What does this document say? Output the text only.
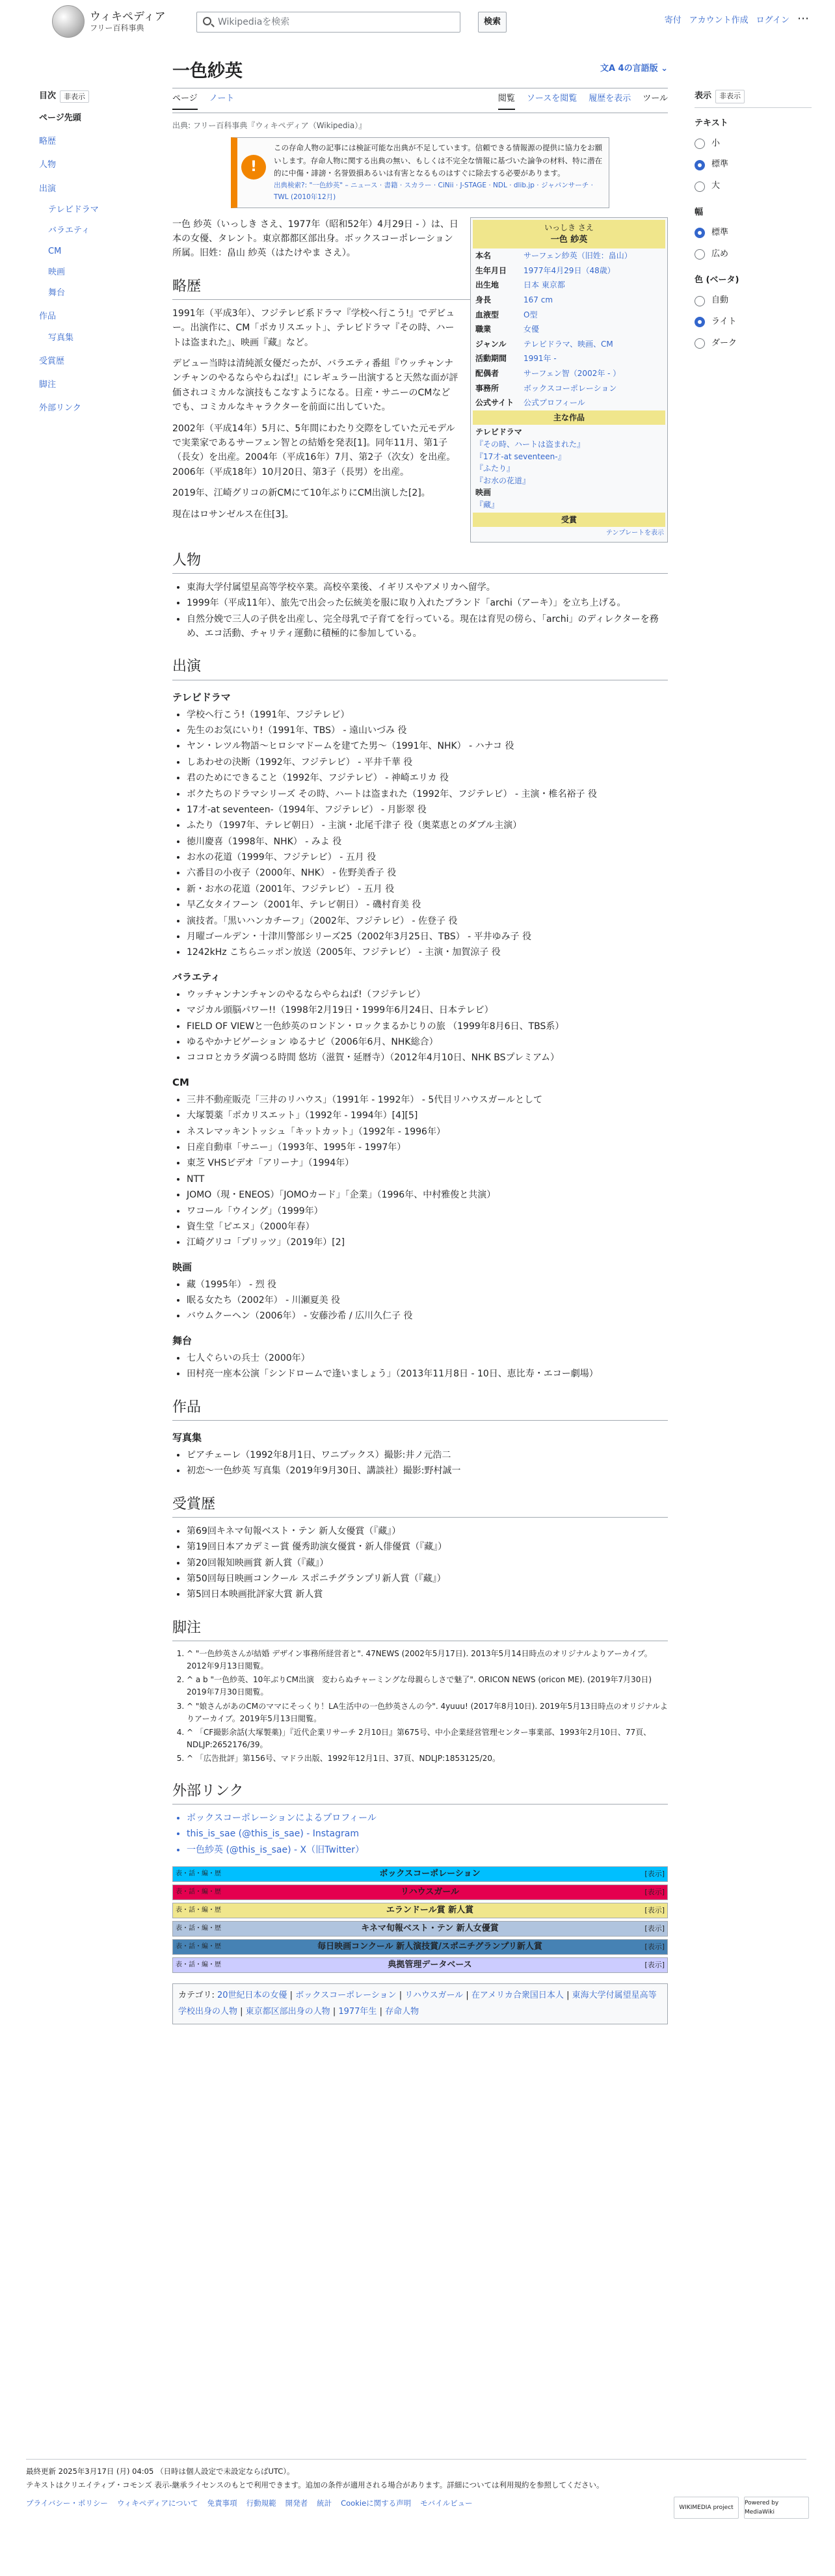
ウィキペディア
フリー百科事典
Wikipediaを検索	検索	寄付 アカウント作成 ログイン ⋯
目次	非表示
ページ先頭
略歴
人物
出演
テレビドラマ
バラエティ
CM
映画
舞台
作品
写真集
受賞歴
脚注
外部リンク
表示	非表示
テキスト
小
標準
大
幅
標準
広め
色 (ベータ)
自動
ライト
ダーク
一色紗英	文A 4の言語版 ⌄
ページ ノート	閲覧 ソースを閲覧 履歴を表示 ツール
出典: フリー百科事典『ウィキペディア（Wikipedia）』
!
この存命人物の記事には検証可能な出典が不足しています。信頼できる情報源の提供に協力をお願いします。存命人物に関する出典の無い、もしくは不完全な情報に基づいた論争の材料、特に潜在的に中傷・誹謗・名誉毀損あるいは有害となるものはすぐに除去する必要があります。
出典検索?: "一色紗英" – ニュース · 書籍 · スカラー · CiNii · J-STAGE · NDL · dlib.jp · ジャパンサーチ · TWL (2010年12月)
いっしき さえ
一色 紗英
本名	サーフェン紗英（旧姓：畠山）
生年月日	1977年4月29日（48歳）
出生地	日本 東京都
身長	167 cm
血液型	O型
職業	女優
ジャンル	テレビドラマ、映画、CM
活動期間	1991年 -
配偶者	サーフェン智（2002年 - ）
事務所	ボックスコーポレーション
公式サイト	公式プロフィール
主な作品
テレビドラマ
『その時、ハートは盗まれた』
『17才-at seventeen-』
『ふたり』
『お水の花道』
映画
『藏』
受賞
テンプレートを表示

一色 紗英（いっしき さえ、1977年（昭和52年）4月29日 - ）は、日本の女優、タレント。東京都都区部出身。ボックスコーポレーション所属。旧姓：畠山 紗英（はたけやま さえ）。

略歴

1991年（平成3年）、フジテレビ系ドラマ『学校へ行こう!』でデビュー。出演作に、CM「ポカリスエット」、テレビドラマ『その時、ハートは盗まれた』、映画『藏』など。

デビュー当時は清純派女優だったが、バラエティ番組『ウッチャンナンチャンのやるならやらねば!』にレギュラー出演すると天然な面が評価されコミカルな演技もこなすようになる。日産・サニーのCMなどでも、コミカルなキャラクターを前面に出していた。

2002年（平成14年）5月に、5年間にわたり交際をしていた元モデルで実業家であるサーフェン智との結婚を発表[1]。同年11月、第1子（長女）を出産。2004年（平成16年）7月、第2子（次女）を出産。2006年（平成18年）10月20日、第3子（長男）を出産。

2019年、江崎グリコの新CMにて10年ぶりにCM出演した[2]。

現在はロサンゼルス在住[3]。

人物
• 東海大学付属望星高等学校卒業。高校卒業後、イギリスやアメリカへ留学。
• 1999年（平成11年）、旅先で出会った伝統美を服に取り入れたブランド「archi（アーキ）」を立ち上げる。
• 自然分娩で三人の子供を出産し、完全母乳で子育てを行っている。現在は育児の傍ら、「archi」のディレクターを務め、エコ活動、チャリティ運動に積極的に参加している。
出演
テレビドラマ
• 学校へ行こう!（1991年、フジテレビ）
• 先生のお気にいり!（1991年、TBS） - 遠山いづみ 役
• ヤン・レツル物語〜ヒロシマドームを建てた男〜（1991年、NHK） - ハナコ 役
• しあわせの決断（1992年、フジテレビ） - 平井千華 役
• 君のためにできること（1992年、フジテレビ） - 神崎エリカ 役
• ボクたちのドラマシリーズ その時、ハートは盗まれた（1992年、フジテレビ） - 主演・椎名裕子 役
• 17才-at seventeen-（1994年、フジテレビ） - 月影翠 役
• ふたり（1997年、テレビ朝日） - 主演・北尾千津子 役（奥菜恵とのダブル主演）
• 徳川慶喜（1998年、NHK） - みよ 役
• お水の花道（1999年、フジテレビ） - 五月 役
• 六番目の小夜子（2000年、NHK） - 佐野美香子 役
• 新・お水の花道（2001年、フジテレビ） - 五月 役
• 早乙女タイフーン（2001年、テレビ朝日） - 磯村育美 役
• 演技者。「黒いハンカチーフ」（2002年、フジテレビ） - 佐登子 役
• 月曜ゴールデン・十津川警部シリーズ25（2002年3月25日、TBS） - 平井ゆみ子 役
• 1242kHz こちらニッポン放送（2005年、フジテレビ） - 主演・加賀涼子 役
バラエティ
• ウッチャンナンチャンのやるならやらねば!（フジテレビ）
• マジカル頭脳パワー!!（1998年2月19日・1999年6月24日、日本テレビ）
• FIELD OF VIEWと一色紗英のロンドン・ロックまるかじりの旅 （1999年8月6日、TBS系）
• ゆるやかナビゲーション ゆるナビ（2006年6月、NHK総合）
• ココロとカラダ満つる時間 悠坊（滋賀・延暦寺）（2012年4月10日、NHK BSプレミアム）
CM
• 三井不動産販売「三井のリハウス」（1991年 - 1992年） - 5代目リハウスガールとして
• 大塚製薬「ポカリスエット」（1992年 - 1994年）[4][5]
• ネスレマッキントッシュ「キットカット」（1992年 - 1996年）
• 日産自動車「サニー」（1993年、1995年 - 1997年）
• 東芝 VHSビデオ「アリーナ」（1994年）
• NTT
• JOMO（現・ENEOS）「JOMOカード」「企業」（1996年、中村雅俊と共演）
• ワコール「ウイング」（1999年）
• 資生堂「ピエヌ」（2000年春）
• 江崎グリコ「プリッツ」（2019年）[2]
映画
• 藏（1995年） - 烈 役
• 眠る女たち（2002年） - 川瀬夏美 役
• バウムクーヘン（2006年） - 安藤沙希 / 広川久仁子 役
舞台
• 七人ぐらいの兵士（2000年）
• 田村亮一座本公演「シンドロームで逢いましょう」（2013年11月8日 - 10日、恵比寿・エコー劇場）
作品
写真集
• ピアチェーレ（1992年8月1日、ワニブックス）撮影:井ノ元浩二
• 初恋〜一色紗英 写真集（2019年9月30日、講談社）撮影:野村誠一
受賞歴
• 第69回キネマ旬報ベスト・テン 新人女優賞（『藏』）
• 第19回日本アカデミー賞 優秀助演女優賞・新人俳優賞（『藏』）
• 第20回報知映画賞 新人賞（『藏』）
• 第50回毎日映画コンクール スポニチグランプリ新人賞（『藏』）
• 第5回日本映画批評家大賞 新人賞
脚注
1. ^ "一色紗英さんが結婚 デザイン事務所経営者と". 47NEWS (2002年5月17日). 2013年5月14日時点のオリジナルよりアーカイブ。2012年9月13日閲覧。
2. ^ a b "一色紗英、10年ぶりCM出演　変わらぬチャーミングな母親らしさで魅了". ORICON NEWS (oricon ME). (2019年7月30日) 2019年7月30日閲覧。
3. ^ "娘さんがあのCMのママにそっくり！LA生活中の一色紗英さんの今". 4yuuu! (2017年8月10日). 2019年5月13日時点のオリジナルよりアーカイブ。2019年5月13日閲覧。
4. ^ 「CF撮影余話(大塚製薬)」『近代企業リサーチ 2月10日』第675号、中小企業経営管理センター事業部、1993年2月10日、77頁、NDLJP:2652176/39。
5. ^ 「広告批評」第156号、マドラ出版、1992年12月1日、37頁、NDLJP:1853125/20。
外部リンク
• ボックスコーポレーションによるプロフィール
• this_is_sae (@this_is_sae) - Instagram
• 一色紗英 (@this_is_sae) - X（旧Twitter）
表・話・編・歴	ボックスコーポレーション	[表示]
表・話・編・歴	リハウスガール	[表示]
表・話・編・歴	エランドール賞 新人賞	[表示]
表・話・編・歴	キネマ旬報ベスト・テン 新人女優賞	[表示]
表・話・編・歴	毎日映画コンクール 新人演技賞/スポニチグランプリ新人賞	[表示]
表・話・編・歴	典拠管理データベース	[表示]
カテゴリ: 20世紀日本の女優 | ボックスコーポレーション | リハウスガール | 在アメリカ合衆国日本人 | 東海大学付属望星高等学校出身の人物 | 東京都区部出身の人物 | 1977年生 | 存命人物
最終更新 2025年3月17日 (月) 04:05 （日時は個人設定で未設定ならばUTC）。
テキストはクリエイティブ・コモンズ 表示-継承ライセンスのもとで利用できます。追加の条件が適用される場合があります。詳細については利用規約を参照してください。
プライバシー・ポリシー ウィキペディアについて 免責事項 行動規範 開発者 統計 Cookieに関する声明 モバイルビュー	WIKIMEDIA project
Powered by MediaWiki
